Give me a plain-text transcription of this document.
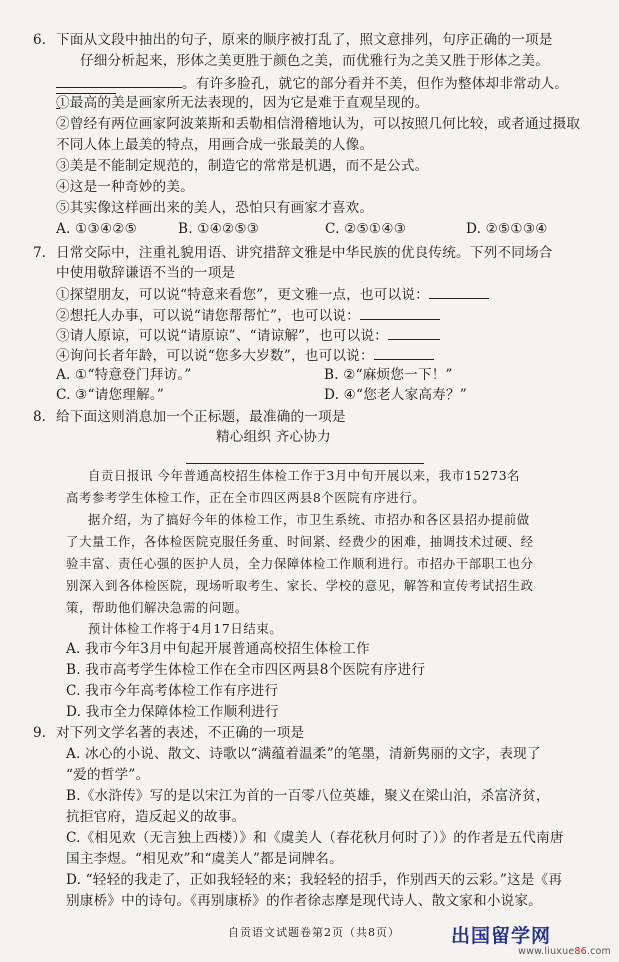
6. 下面从文段中抽出的句子，原来的顺序被打乱了，照文意排列，句序正确的一项是
仔细分析起来，形体之美更胜于颜色之美，而优雅行为之美又胜于形体之美。
。有许多脸孔，就它的部分看并不美，但作为整体却非常动人。
①最高的美是画家所无法表现的，因为它是难于直观呈现的。
②曾经有两位画家阿波莱斯和丢勒相信滑稽地认为，可以按照几何比较，或者通过摄取
不同人体上最美的特点，用画合成一张最美的人像。
③美是不能制定规范的，制造它的常常是机遇，而不是公式。
④这是一种奇妙的美。
⑤其实像这样画出来的美人，恐怕只有画家才喜欢。
A. ①③④②⑤	B. ①④②⑤③	C. ②⑤①④③	D. ②⑤①③④
7. 日常交际中，注重礼貌用语、讲究措辞文雅是中华民族的优良传统。下列不同场合
中使用敬辞谦语不当的一项是
①探望朋友，可以说“特意来看您”，更文雅一点，也可以说：
②想托人办事，可以说“请您帮帮忙”，也可以说：
③请人原谅，可以说“请原谅”、“请谅解”，也可以说：
④询问长者年龄，可以说“您多大岁数”，也可以说：
A. ①“特意登门拜访。”	B. ②“麻烦您一下！”
C. ③“请您理解。”	D. ④“您老人家高寿？”
8. 给下面这则消息加一个正标题，最准确的一项是
精心组织 齐心协力
自贡日报讯 今年普通高校招生体检工作于3月中旬开展以来，我市15273名
高考参考学生体检工作，正在全市四区两县8个医院有序进行。
据介绍，为了搞好今年的体检工作，市卫生系统、市招办和各区县招办提前做
了大量工作，各体检医院克服任务重、时间紧、经费少的困难，抽调技术过硬、经
验丰富、责任心强的医护人员，全力保障体检工作顺利进行。市招办干部职工也分
别深入到各体检医院，现场听取考生、家长、学校的意见，解答和宣传考试招生政
策，帮助他们解决急需的问题。
预计体检工作将于4月17日结束。
A. 我市今年3月中旬起开展普通高校招生体检工作
B. 我市高考学生体检工作在全市四区两县8个医院有序进行
C. 我市今年高考体检工作有序进行
D. 我市全力保障体检工作顺利进行
9. 对下列文学名著的表述，不正确的一项是
A. 冰心的小说、散文、诗歌以“满蕴着温柔”的笔墨，清新隽丽的文字，表现了
“爱的哲学”。
B.《水浒传》写的是以宋江为首的一百零八位英雄，聚义在梁山泊，杀富济贫，
抗拒官府，造反起义的故事。
C.《相见欢（无言独上西楼）》和《虞美人（春花秋月何时了）》的作者是五代南唐
国主李煜。“相见欢”和“虞美人”都是词牌名。
D. “轻轻的我走了，正如我轻轻的来；我轻轻的招手，作别西天的云彩。”这是《再
别康桥》中的诗句。《再别康桥》的作者徐志摩是现代诗人、散文家和小说家。
自贡语文试题卷第2页（共8页）	出国留学网
www.liuxue86.com
